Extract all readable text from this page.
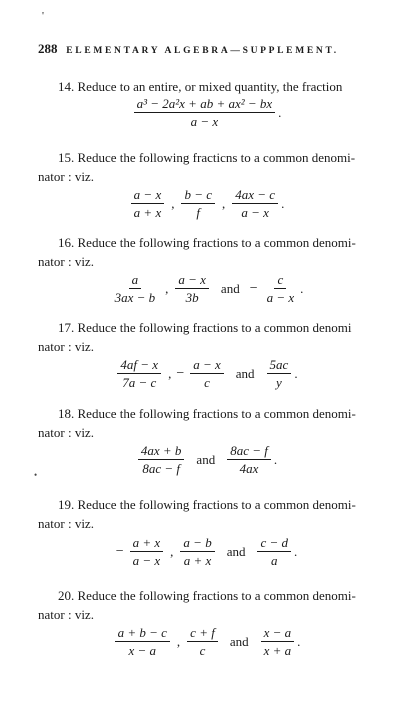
'
288 ELEMENTARY ALGEBRA—SUPPLEMENT.
14. Reduce to an entire, or mixed quantity, the fraction
$\frac{\text{a³ − 2a²x + ab + ax² − bx}}{a - x}$ .
15. Reduce the following fracticns to a common denomi-
nator : viz.
$\frac{a - x}{a + x}$ , $\frac{b - c}{f}$ , $\frac{4ax - c}{a - x}$ .
16. Reduce the following fractions to a common denomi-
nator : viz.
$\frac{a}{3ax - b}$ , $\frac{a - x}{3b}$ and − $\frac{c}{a - x}$ .
17. Reduce the following fractions to a common denomi
nator : viz.
$\frac{4af - x}{7a - c}$ , − $\frac{a - x}{c}$ and $\frac{5ac}{y}$ .
18. Reduce the following fractions to a common denomi-
nator : viz.
$\frac{4ax + b}{8ac - f}$ and $\frac{8ac - f}{4ax}$ .
•
19. Reduce the following fractions to a common denomi-
nator : viz.
− $\frac{a + x}{a - x}$ , $\frac{a - b}{a + x}$ and $\frac{c - d}{a}$ .
20. Reduce the following fractions to a common denomi-
nator : viz.
$\frac{a + b - c}{x - a}$ , $\frac{c + f}{c}$ and $\frac{x - a}{x + a}$ .
